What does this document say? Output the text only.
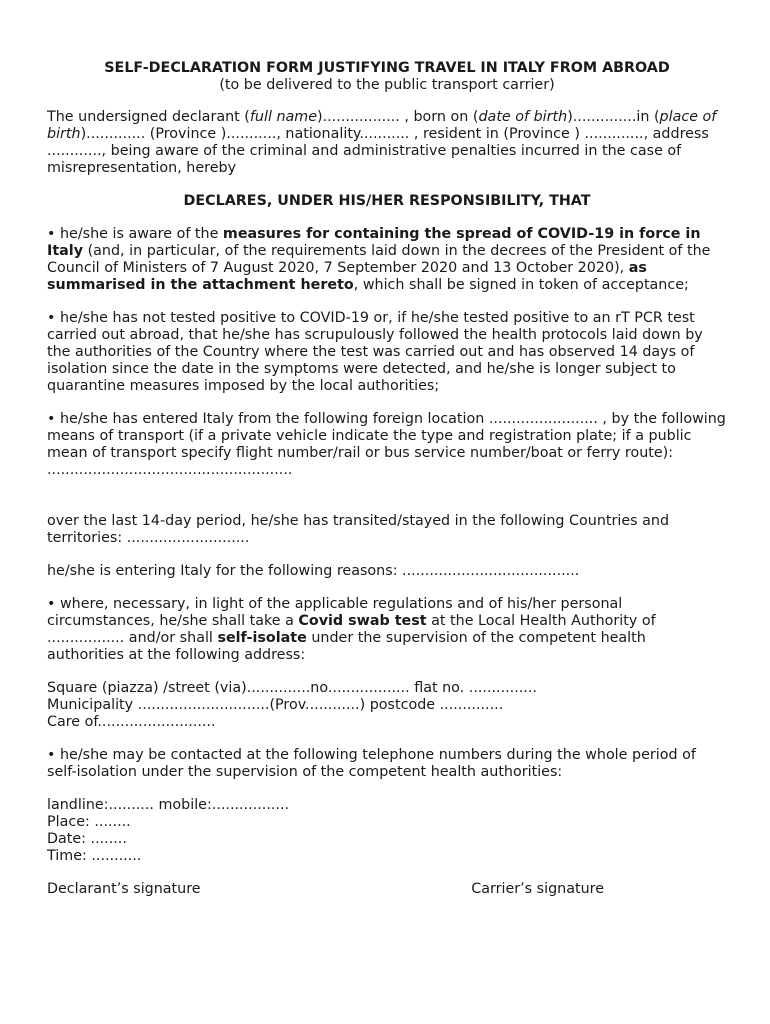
SELF-DECLARATION FORM JUSTIFYING TRAVEL IN ITALY FROM ABROAD

(to be delivered to the public transport carrier)

The undersigned declarant (full name)................. , born on (date of birth)..............in (place of birth)............. (Province )..........., nationality........... , resident in (Province ) ............., address ............, being aware of the criminal and administrative penalties incurred in the case of misrepresentation, hereby

DECLARES, UNDER HIS/HER RESPONSIBILITY, THAT

• he/she is aware of the measures for containing the spread of COVID-19 in force in Italy (and, in particular, of the requirements laid down in the decrees of the President of the Council of Ministers of 7 August 2020, 7 September 2020 and 13 October 2020), as summarised in the attachment hereto, which shall be signed in token of acceptance;

• he/she has not tested positive to COVID-19 or, if he/she tested positive to an rT PCR test carried out abroad, that he/she has scrupulously followed the health protocols laid down by the authorities of the Country where the test was carried out and has observed 14 days of isolation since the date in the symptoms were detected, and he/she is longer subject to quarantine measures imposed by the local authorities;

• he/she has entered Italy from the following foreign location ........................ , by the following means of transport (if a private vehicle indicate the type and registration plate; if a public mean of transport specify flight number/rail or bus service number/boat or ferry route): ......................................................

over the last 14-day period, he/she has transited/stayed in the following Countries and territories: ...........................

he/she is entering Italy for the following reasons: .......................................

• where, necessary, in light of the applicable regulations and of his/her personal circumstances, he/she shall take a Covid swab test at the Local Health Authority of ................. and/or shall self-isolate under the supervision of the competent health authorities at the following address:

Square (piazza) /street (via)..............no.................. flat no. ...............

Municipality .............................(Prov............) postcode ..............

Care of..........................

• he/she may be contacted at the following telephone numbers during the whole period of self-isolation under the supervision of the competent health authorities:

landline:.......... mobile:.................

Place: ........

Date: ........

Time: ...........

Declarant’s signature	Carrier’s signature
